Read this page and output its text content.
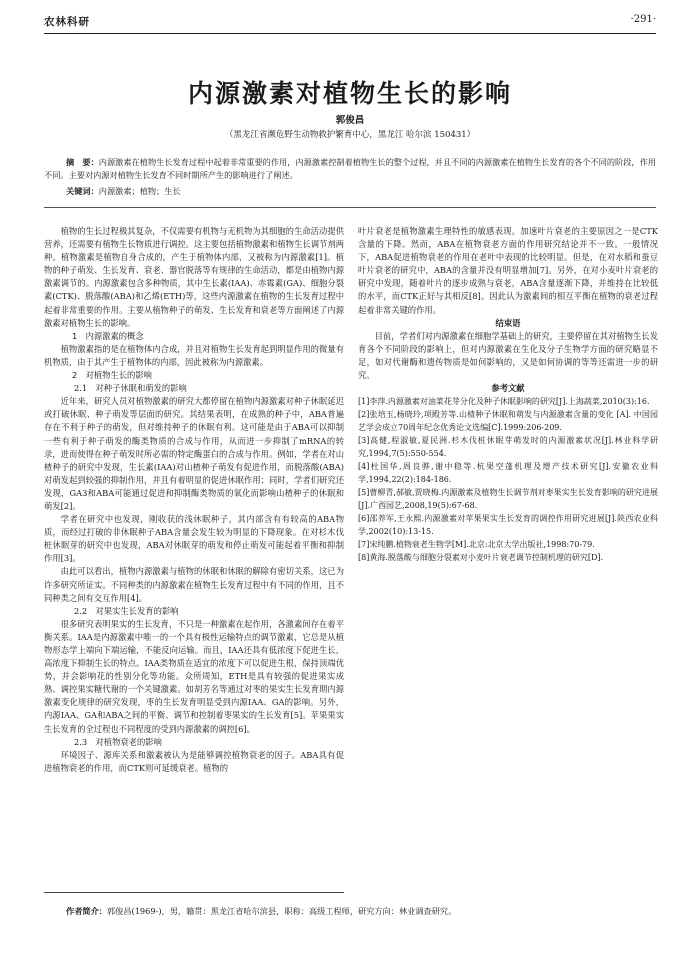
农林科研	·291·
内源激素对植物生长的影响
郭俊昌
（黑龙江省濒危野生动物救护繁育中心，黑龙江 哈尔滨 150431）
摘　要：内源激素在植物生长发育过程中起着非常重要的作用，内源激素控制着植物生长的整个过程，并且不同的内源激素在植物生长发育的各个不同的阶段，作用不同。主要对内源对植物生长发育不同时期所产生的影响进行了阐述。
关键词：内源激素；植物；生长

植物的生长过程极其复杂，不仅需要有机物与无机物为其细胞的生命活动提供营养，还需要有植物生长物质进行调控。这主要包括植物激素和植物生长调节剂两种。植物激素是植物自身合成的，产生于植物体内部，又被称为内源激素[1]。植物的种子萌发、生长发育、衰老、器官脱落等有规律的生命活动，都是由植物内源激素调节的。内源激素包含多种物质，其中生长素(IAA)、赤霉素(GA)、细胞分裂素(CTK)、脱落酸(ABA)和乙烯(ETH)等，这些内源激素在植物的生长发育过程中起着非常重要的作用。主要从植物种子的萌发、生长发育和衰老等方面阐述了内源激素对植物生长的影响。

1　内源激素的概念

植物激素指的是在植物体内合成，并且对植物生长发育起到明显作用的微量有机物质，由于其产生于植物体的内部，因此被称为内源激素。

2　对植物生长的影响
2.1　对种子休眠和萌发的影响

近年来，研究人员对植物激素的研究大都停留在植物内源激素对种子休眠延迟或打破休眠、种子萌发等层面的研究。其结果表明，在成熟的种子中，ABA普遍存在不利于种子的萌发，但对维持种子的休眠有利。这可能是由于ABA可以抑制一些有利于种子萌发的酶类物质的合成与作用，从而进一步抑制了mRNA的转录，进而使得在种子萌发时所必需的特定酶蛋白的合成与作用。例如，学者在对山楂种子的研究中发现，生长素(IAA)对山楂种子萌发有促进作用，而脱落酸(ABA)对萌发起到较强的抑制作用，并且有着明显的促进休眠作用；同时，学者们研究还发现，GA3和ABA可能通过促进和抑制酶类物质的氧化而影响山楂种子的休眠和萌发[2]。

学者在研究中也发现，刚收获的浅休眠种子，其内部含有有较高的ABA物质，而经过打破的非休眠种子ABA含量会发生较为明显的下降现象。在对杉木伐桩休眠芽的研究中也发现，ABA对休眠芽的萌发和停止萌发可能起着平衡和抑制作用[3]。

由此可以看出，植物内源激素与植物的休眠和休眠的解除有密切关系，这已为许多研究所证实。不同种类的内源激素在植物生长发育过程中有不同的作用，且不同种类之间有交互作用[4]。

2.2　对果实生长发育的影响

很多研究表明果实的生长发育，不只是一种激素在起作用，各激素间存在着平衡关系。IAA是内源激素中唯一的一个具有极性运输特点的调节激素，它总是从植物形态学上端向下端运输，不能反向运输。而且，IAA还具有低浓度下促进生长，高浓度下抑制生长的特点。IAA类物质在适宜的浓度下可以促进生根，保持顶端优势，并会影响花的性别分化等功能。众所周知，ETH是具有较强的促进果实成熟、调控果实糖代谢的一个关键激素。如胡芳名等通过对枣的果实生长发育期内源激素变化规律的研究发现，枣的生长发育明显受到内源IAA、GA的影响。另外，内源IAA、GA和ABA之间的平衡、调节和控制着枣果实的生长发育[5]。苹果果实生长发育的全过程也不同程度的受到内源激素的调控[6]。

2.3　对植物衰老的影响

环境因子、源库关系和激素被认为是能够调控植物衰老的因子。ABA具有促进植物衰老的作用，而CTK则可延缓衰老。植物的

叶片衰老是植物激素生理特性的敏感表现。加速叶片衰老的主要原因之一是CTK含量的下降。然而，ABA在植物衰老方面的作用研究结论并不一致。一般情况下，ABA促进植物衰老的作用在老叶中表现的比较明显。但是，在对水稻和蚕豆叶片衰老的研究中，ABA的含量并没有明显增加[7]。另外，在对小麦叶片衰老的研究中发现，随着叶片的逐步成熟与衰老，ABA含量逐渐下降，并维持在比较低的水平，而CTK正好与其相反[8]。因此认为激素间的相互平衡在植物的衰老过程起着非常关键的作用。

结束语

目前，学者们对内源激素在细胞学基础上的研究，主要停留在其对植物生长发育各个不同阶段的影响上，但对内源激素在生化及分子生物学方面的研究略显不足，如对代谢酶和遗传物质是如何影响的，又是如何协调的等等还需进一步的研究。

参考文献
[1]李萍.内源激素对油菜花芽分化及种子休眠影响的研究[J].上海蔬菜,2010(3):16.
[2]张培玉,杨晓玲,项殿芳等.山楂种子休眠和萌发与内源激素含量的变化 [A]. 中国园艺学会成立70周年纪念优秀论文选编[C].1999:206-209.
[3]高健,程淑敏,夏民洲.杉木伐桩休眠芽萌发时的内源激素状况[J].林业科学研究,1994,7(5):550-554.
[4]杜国华,周良骅,谢中稳等.杭果空蓬机理及增产技术研究[J].安徽农业科学,1994,22(2):184-186.
[5]曹柳青,郝敏,贾晓梅.内源激素及植物生长调节剂对枣果实生长发育影响的研究进展[J].广西园艺,2008,19(5):67-68.
[6]邵养军,王永熙.内源激素对苹果果实生长发育的调控作用研究进展[J].陕西农业科学,2002(10):13-15.
[7]宋纯鹏.植物衰老生物学[M].北京:北京大学出版社,1998:70-79.
[8]黄海.脱落酸与细胞分裂素对小麦叶片衰老调节控制机理的研究[D].
作者简介：郭俊昌(1969-)，男，籍贯：黑龙江省哈尔滨县，职称：高级工程师，研究方向：林业调查研究。
